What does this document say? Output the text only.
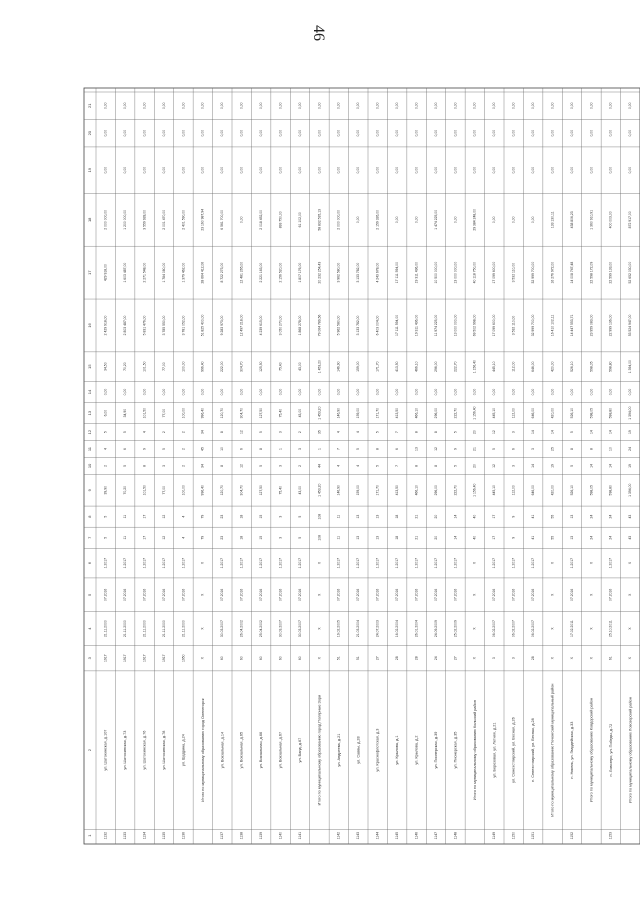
46
1
2
3
4
5
6
7
8
9
10
11
12
13
14
15
16
17
18
19
20
21
1132
ул. Шатохинская, д.107
1917
21.11.2000
07.2016
1.2017
5
5
39,90
2
4
5
6,00
0,00
34,50
2 429 918,00
429 918,00
2 000 000,00
0,00
0,00
0,00
1133
ул. Шатохинская, д.73
1917
21.11.2000
07.2016
1.2017
11
11
70,20
5
6
5
34,90
0,00
70,20
2 803 487,00
1 603 487,00
1 200 000,00
0,00
0,00
0,00
1134
ул. Шатохинская, д.76
1917
21.11.2000
07.2016
1.2017
17
17
101,50
8
9
4
101,50
0,00
101,50
5 831 476,00
2 271 548,00
3 559 928,00
0,00
0,00
0,00
1135
ул. Шатохинская, д.78
1917
21.11.2000
07.2016
1.2017
12
12
77,00
3
5
2
77,00
0,00
77,00
3 785 550,00
1 784 080,00
2 001 470,00
0,00
0,00
0,00
1136
ул. Щедрина, д.24
1950
21.11.2000
07.2016
1.2017
4
4
100,00
2
2
2
100,00
0,00
100,00
3 781 052,00
1 379 462,00
2 401 590,00
0,00
0,00
0,00
Итого по муниципальному образованию город Оленегорск
X
X
X
X
79
79
996,40
34
45
34
996,40
0,00
996,40
51 825 400,00
28 664 412,06
23 160 987,94
0,00
0,00
0,00
1137
ул. Вокзальная, д.14
60
30.03.2007
07.2016
1.2017
23
23
120,70
8
10
8
120,70
0,00
222,00
9 283 973,00
8 722 273,00
6 561 700,00
0,00
0,00
0,00
1138
ул. Вокзальная, д.65
60
26.04.2002
07.2016
1.2017
18
18
304,70
12
6
12
304,70
0,00
304,70
12 497 218,00
12 481 265,00
0,00
0,00
0,00
0,00
1139
ул. Вокзальная, д.66
60
25.04.2002
07.2016
1.2017
15
15
127,50
5
8
5
127,50
0,00
125,50
4 239 615,00
2 221 163,00
2 018 452,00
0,00
0,00
0,00
1140
ул. Вокзальная, д.67
60
30.03.2007
07.2016
1.2017
3
3
75,40
3
1
3
75,40
0,00
75,40
3 050 270,00
2 156 520,00
893 750,00
0,00
0,00
0,00
1141
ул. Ванд, д.67
60
30.03.2007
07.2016
1.2017
5
5
43,00
2
3
2
43,00
0,00
43,00
1 868 278,00
1 807 176,00
61 102,00
0,00
0,00
0,00
Итого по муниципальному образованию город Полярные Зори
X
X
X
X
108
108
1 453,20
44
1
35
1 453,20
0,00
1 453,20
79 064 789,56
20 232 254,43
58 832 535,13
0,00
0,00
0,00
1142
ул. Андреева, д.21
51
19.02.2005
07.2016
1.2017
11
11
146,90
4
7
4
146,90
0,00
146,90
5 962 580,00
3 962 580,00
2 000 000,00
0,00
0,00
0,00
1143
ул. Саввы, д.28
51
21.03.2004
07.2016
1.2017
13
13
159,00
4
5
4
159,00
0,00
159,00
3 133 782,00
3 133 782,00
0,00
0,00
0,00
0,00
1144
ул. Краснофлотская, д.3
27
24.07.2003
07.2016
1.2017
13
13
171,70
5
8
5
171,70
0,00
171,70
6 403 004,00
4 243 678,00
2 159 326,00
0,00
0,00
0,00
1145
ул. Крылова, д.1
28
16.02.2004
07.2016
1.2017
18
18
413,50
7
6
7
413,50
0,00
413,50
17 111 594,00
17 111 594,00
0,00
0,00
0,00
0,00
1146
ул. Крылова, д.2
28
26.01.2004
07.2016
1.2017
21
21
466,10
8
13
8
466,10
0,00
466,10
19 311 436,00
19 311 436,00
0,00
0,00
0,00
0,00
1147
ул. Пионерская, д.39
24
24.09.2009
07.2016
1.2017
20
20
296,00
8
12
8
296,00
0,00
296,00
11 974 225,00
10 500 000,00
1 474 225,00
0,00
0,00
0,00
1148
ул. Пионерская, д.35
27
25.02.2009
07.2016
1.2017
14
14
222,70
5
9
5
222,70
0,00
222,70
13 000 000,00
13 000 000,00
0,00
0,00
0,00
0,00
Итого по муниципальному образованию Кольский район
X
X
X
X
40
40
1 156,40
20
21
20
1 156,40
0,00
1 156,40
69 502 998,00
40 118 750,00
29 384 248,00
0,00
0,00
0,00
1149
ул. Березовая, ул. Летняя, д.21
3
06.02.2007
07.2016
1.2017
17
17
445,10
12
5
12
445,10
0,00
445,10
17 099 600,00
17 099 600,00
0,00
0,00
0,00
0,00
1150
ул. Сенеэстлирский, ул. Весная, д.26
3
06.02.2007
07.2016
1.2017
9
9
112,00
3
6
3
112,00
0,00
112,00
3 532 110,00
3 532 110,00
0,00
0,00
0,00
0,00
1151
п. Сенеэстлирский, ул. Весная, д.28
28
06.02.2007
07.2016
1.2017
41
41
646,00
14
3
14
646,00
0,00
646,00
32 999 700,00
32 999 700,00
0,00
0,00
0,00
0,00
Итого по муниципальному образованию Печенгский муниципальный район
X
X
X
X
55
55
420,00
19
25
14
420,00
0,00
420,00
16 410 102,11
16 276 972,00
133 130,11
0,00
0,00
0,00
1152
п. Никель, ул. Гвардейская, д.33
X
17.02.2011
07.2016
1.2017
13
13
526,10
5
8
5
526,10
0,00
526,10
14 447 553,71
14 008 747,48
438 806,23
0,00
0,00
0,00
Итого по муниципальному образованию Ковдорский район
X
X
X
X
24
24
598,05
14
8
14
598,05
0,00
598,05
23 959 083,00
22 598 172,09
1 360 910,91
0,00
0,00
0,00
1153
п. Ловозеро, ул. Победы, д.72
61
25.10.2011
07.2016
1.2017
24
24
598,80
14
10
14
598,80
0,00
598,80
22 999 136,00
22 599 133,00
400 003,00
0,00
0,00
0,00
Итого по муниципальному образованию Ловозерский район
X
X
X
X
43
43
1 394,00
19
24
19
1 394,00
0,00
1 394,00
53 524 947,00
52 652 030,00
872 917,00
0,00
0,00
0,00
